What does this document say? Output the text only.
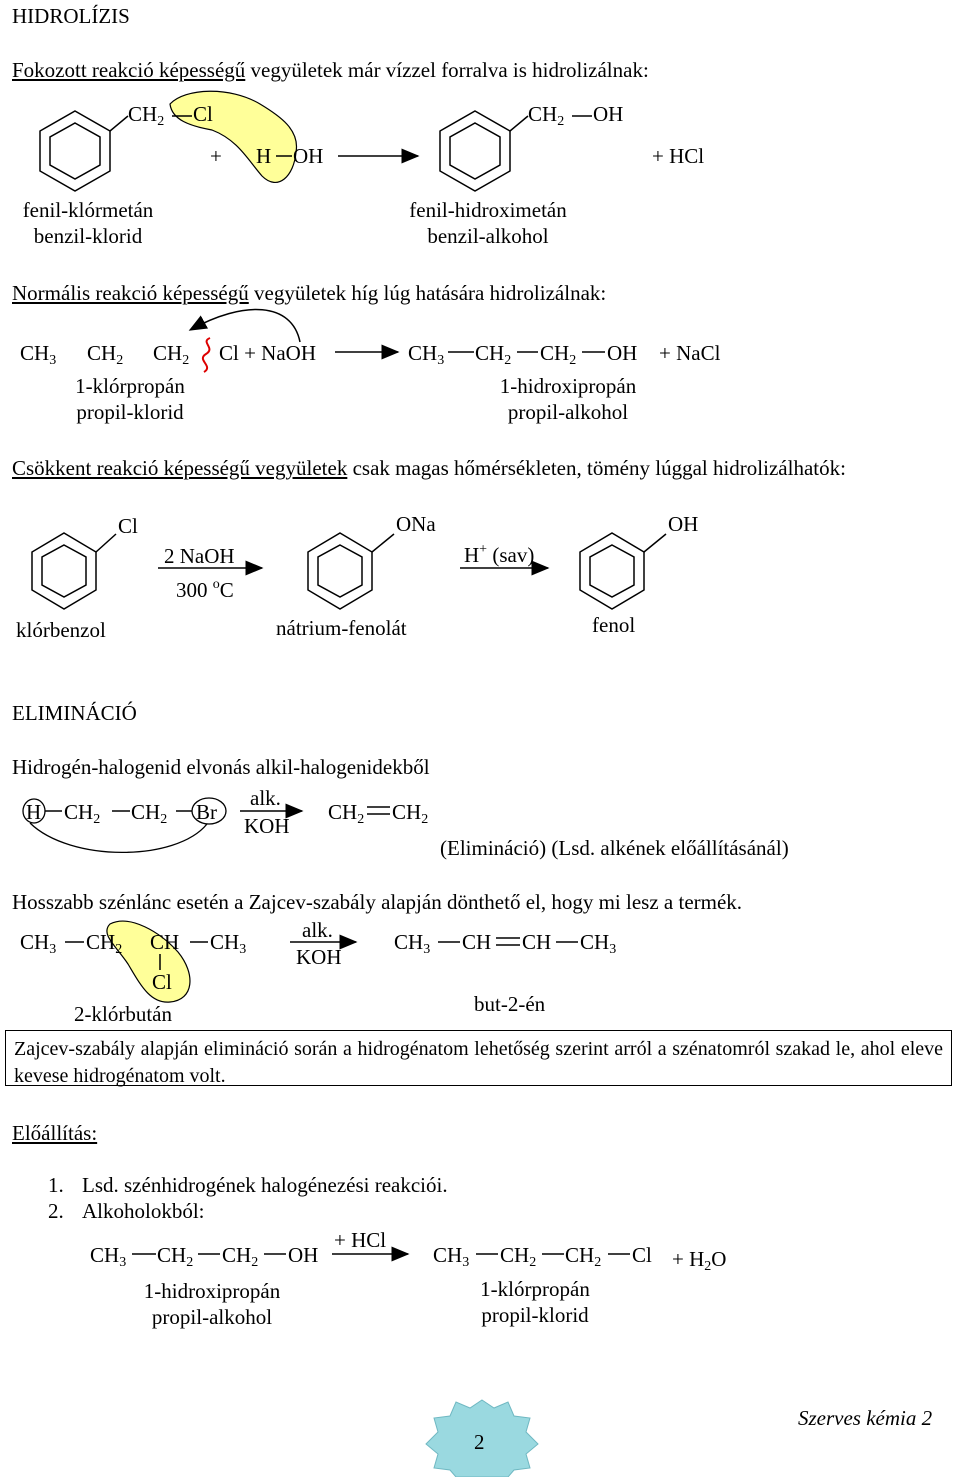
HIDROLÍZIS
Fokozott reakció képességű vegyületek már vízzel forralva is hidrolizálnak:
$CH_2$ Cl
+ H OH
$CH_2$ OH
+ HCl
fenil-klórmetán
benzil-klorid
fenil-hidroximetán
benzil-alkohol
Normális reakció képességű vegyületek híg lúg hatására hidrolizálnak:
$CH_3$ $CH_2$ $CH_2$ Cl + NaOH	$CH_3$ $CH_2$ $CH_2$ OH + NaCl
1-klórpropán
propil-klorid
1-hidroxipropán
propil-alkohol
Csökkent reakció képességű vegyületek csak magas hőmérsékleten, tömény lúggal hidrolizálhatók:
Cl
2 NaOH
300 $^o$C
ONa
H+ (sav)
OH
klórbenzol	nátrium-fenolát	fenol
ELIMINÁCIÓ
Hidrogén-halogenid elvonás alkil-halogenidekből
H $CH_2$ $CH_2$ Br
alk.
KOH
$CH_2$ $CH_2$
(Elimináció) (Lsd. alkének előállításánál)
Hosszabb szénlánc esetén a Zajcev-szabály alapján dönthető el, hogy mi lesz a termék.
$CH_3$ $CH_2$ CH $CH_3$
Cl
alk.
KOH
$CH_3$ CH CH $CH_3$
2-klórbután	but-2-én
Zajcev-szabály alapján elimináció során a hidrogénatom lehetőség szerint arról a szénatomról szakad le, ahol eleve kevese hidrogénatom volt.
Előállítás:
1. Lsd. szénhidrogének halogénezési reakciói.
2. Alkoholokból:
$CH_3$ $CH_2$ $CH_2$ OH
+ HCl
$CH_3$ $CH_2$ $CH_2$ $Cl + H_2O$
1-hidroxipropán
propil-alkohol
1-klórpropán
propil-klorid
Szerves kémia 2
2
